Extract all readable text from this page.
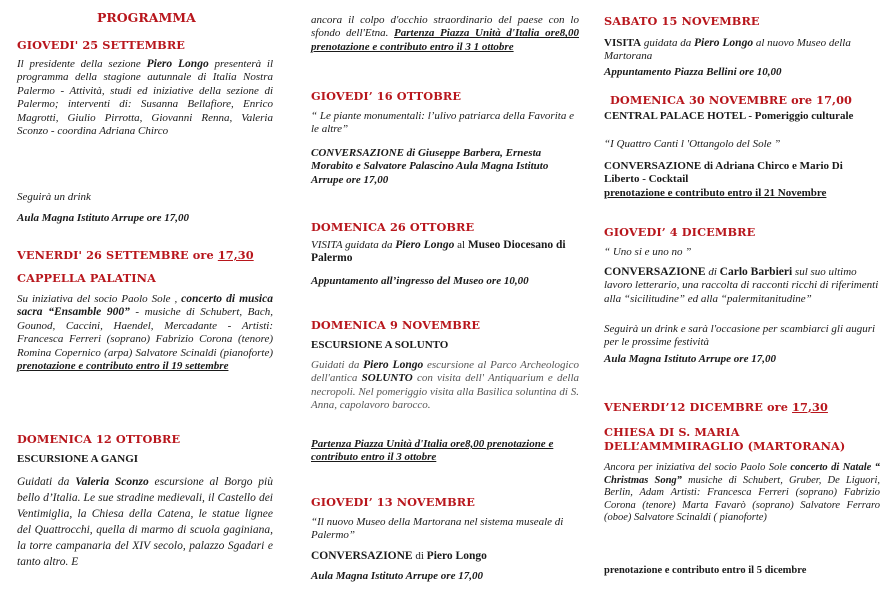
PROGRAMMA
GIOVEDI' 25 SETTEMBRE
Il presidente della sezione Piero Longo presenterà il programma della stagione autunnale di Italia Nostra Palermo - Attività, studi ed iniziative della sezione di Palermo; interventi di: Susanna Bellafiore, Enrico Magrotti, Giulio Pirrotta, Giovanni Renna, Valeria Sconzo - coordina Adriana Chirco
Seguirà un drink
Aula Magna Istituto Arrupe ore 17,00
VENERDI' 26 SETTEMBRE ore 17,30
CAPPELLA PALATINA
Su iniziativa del socio Paolo Sole , concerto di musica sacra “Ensamble 900” - musiche di Schubert, Bach, Gounod, Caccini, Haendel, Mercadante - Artisti: Francesca Ferreri (soprano) Fabrizio Corona (tenore) Romina Copernico (arpa) Salvatore Scinaldi (pianoforte) prenotazione e contributo entro il 19 settembre
DOMENICA 12 OTTOBRE
ESCURSIONE A GANGI
Guidati da Valeria Sconzo escursione al Borgo più bello d’Italia. Le sue stradine medievali, il Castello dei Ventimiglia, la Chiesa della Catena, le statue lignee del Quattrocchi, quella di marmo di scuola gaginiana, la torre campanaria del XIV secolo, palazzo Sgadari e tanto altro. E
ancora il colpo d'occhio straordinario del paese con lo sfondo dell'Etna. Partenza Piazza Unità d'Italia ore8,00 prenotazione e contributo entro il 3 1 ottobre
GIOVEDI’ 16 OTTOBRE
“ Le piante monumentali: l’ulivo patriarca della Favorita e le altre”
CONVERSAZIONE di Giuseppe Barbera, Ernesta Morabito e Salvatore Palascino Aula Magna Istituto Arrupe ore 17,00
DOMENICA 26 OTTOBRE
VISITA guidata da Piero Longo al Museo Diocesano di Palermo
Appuntamento all’ingresso del Museo ore 10,00
DOMENICA 9 NOVEMBRE
ESCURSIONE A SOLUNTO
Guidati da Piero Longo escursione al Parco Archeologico dell'antica SOLUNTO con visita dell' Antiquarium e della necropoli. Nel pomeriggio visita alla Basilica soluntina di S. Anna, capolavoro barocco.
Partenza Piazza Unità d'Italia ore8,00 prenotazione e contributo entro il 3 ottobre
GIOVEDI’ 13 NOVEMBRE
“Il nuovo Museo della Martorana nel sistema museale di Palermo”
CONVERSAZIONE di Piero Longo
Aula Magna Istituto Arrupe ore 17,00
SABATO 15 NOVEMBRE
VISITA guidata da Piero Longo al nuovo Museo della Martorana
Appuntamento Piazza Bellini ore 10,00
DOMENICA 30 NOVEMBRE ore 17,00
CENTRAL PALACE HOTEL - Pomeriggio culturale
“I Quattro Canti l 'Ottangolo del Sole ”
CONVERSAZIONE di Adriana Chirco e Mario Di Liberto - Cocktail
prenotazione e contributo entro il 21 Novembre
GIOVEDI’ 4 DICEMBRE
“ Uno si e uno no ”
CONVERSAZIONE di Carlo Barbieri sul suo ultimo lavoro letterario, una raccolta di racconti ricchi di riferimenti alla “sicilitudine” ed alla “palermitanitudine”
Seguirà un drink e sarà l'occasione per scambiarci gli auguri per le prossime festività
Aula Magna Istituto Arrupe ore 17,00
VENERDI’12 DICEMBRE ore 17,30
CHIESA DI S. MARIA DELL’AMMMIRAGLIO (MARTORANA)
Ancora per iniziativa del socio Paolo Sole concerto di Natale “ Christmas Song” musiche di Schubert, Gruber, De Liguori, Berlin, Adam Artisti: Francesca Ferreri (soprano) Fabrizio Corona (tenore) Marta Favarò (soprano) Salvatore Ferraro (oboe) Salvatore Scinaldi ( pianoforte)
prenotazione e contributo entro il 5 dicembre
